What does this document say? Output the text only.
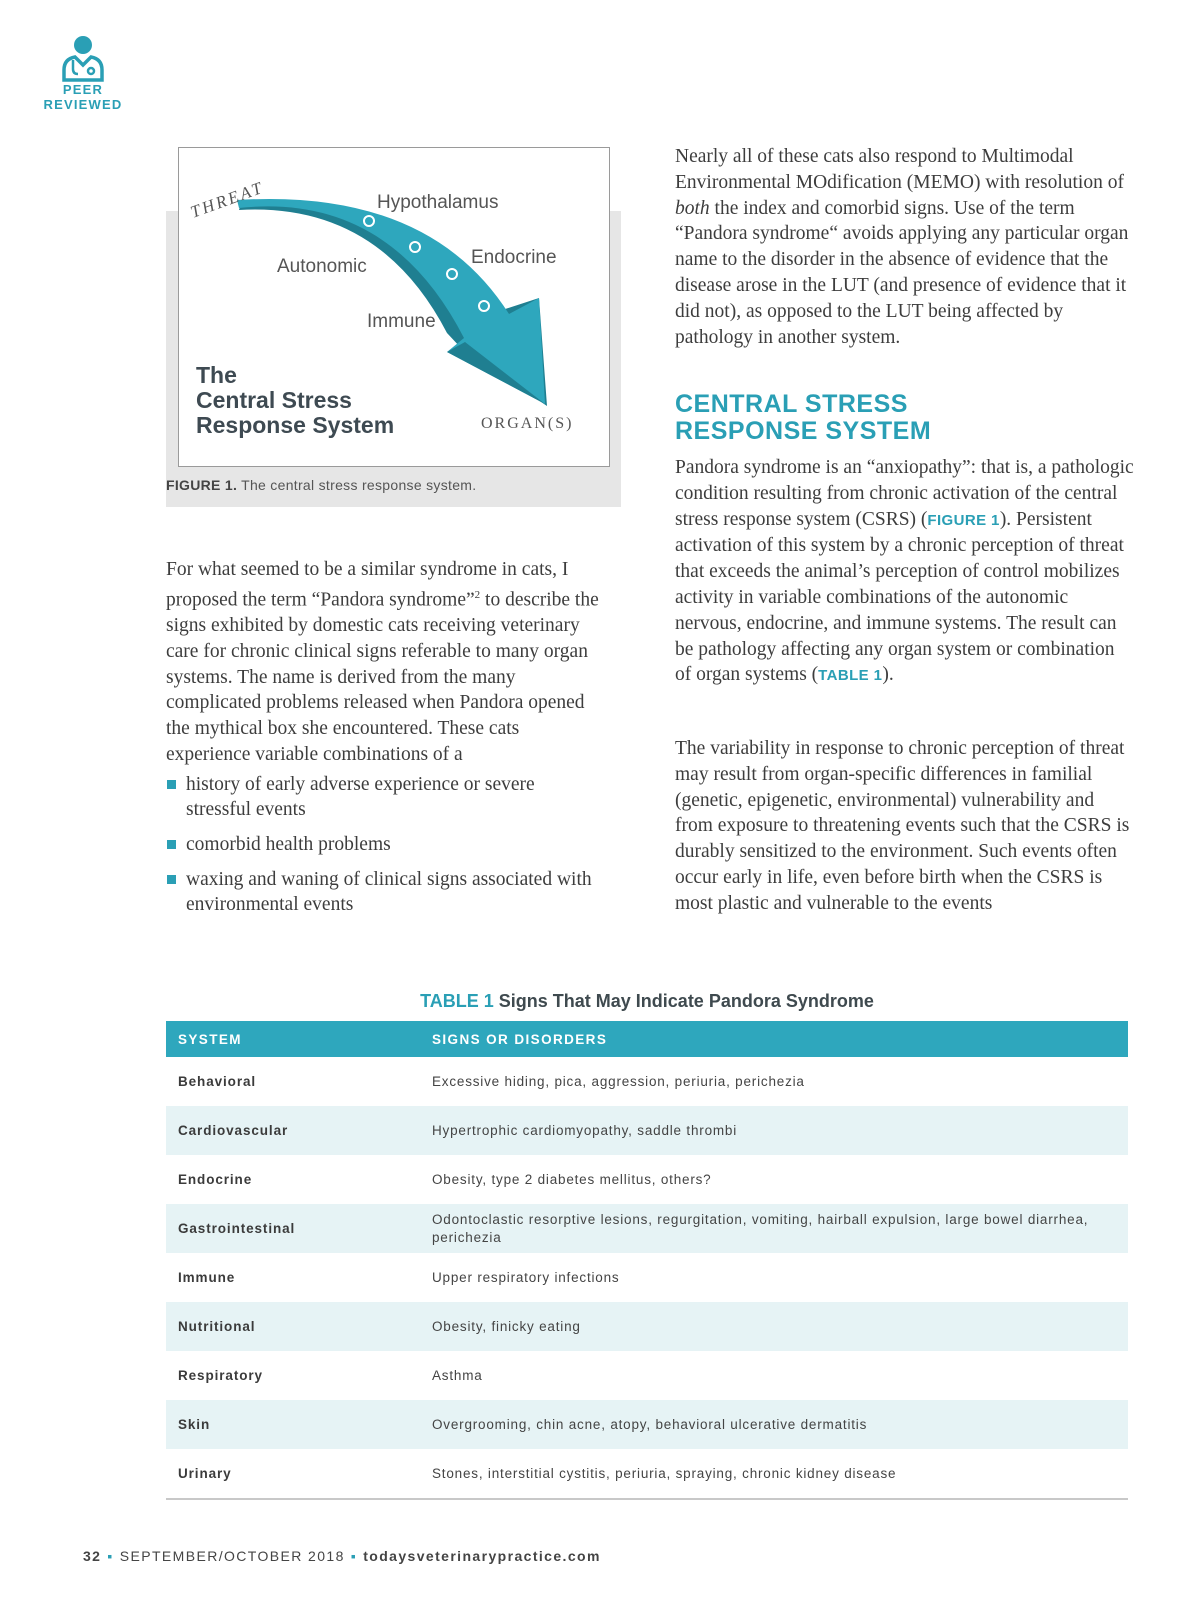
PEER
REVIEWED
THREAT	Hypothalamus
Autonomic	Endocrine
Immune
ORGAN(S)
The
Central Stress
Response System
FIGURE 1. The central stress response system.
For what seemed to be a similar syndrome in cats, I proposed the term “Pandora syndrome”$^2$ to describe the signs exhibited by domestic cats receiving veterinary care for chronic clinical signs referable to many organ systems. The name is derived from the many complicated problems released when Pandora opened the mythical box she encountered. These cats experience variable combinations of a
history of early adverse experience or severe stressful events
comorbid health problems
waxing and waning of clinical signs associated with environmental events
Nearly all of these cats also respond to Multimodal Environmental MOdification (MEMO) with resolution of both the index and comorbid signs. Use of the term “Pandora syndrome“ avoids applying any particular organ name to the disorder in the absence of evidence that the disease arose in the LUT (and presence of evidence that it did not), as opposed to the LUT being affected by pathology in another system.
CENTRAL STRESS
RESPONSE SYSTEM
Pandora syndrome is an “anxiopathy”: that is, a pathologic condition resulting from chronic activation of the central stress response system (CSRS) (FIGURE 1). Persistent activation of this system by a chronic perception of threat that exceeds the animal’s perception of control mobilizes activity in variable combinations of the autonomic nervous, endocrine, and immune systems. The result can be pathology affecting any organ system or combination of organ systems (TABLE 1).
The variability in response to chronic perception of threat may result from organ-specific differences in familial (genetic, epigenetic, environmental) vulnerability and from exposure to threatening events such that the CSRS is durably sensitized to the environment. Such events often occur early in life, even before birth when the CSRS is most plastic and vulnerable to the events
TABLE 1 Signs That May Indicate Pandora Syndrome
SYSTEM	SIGNS OR DISORDERS
Behavioral	Excessive hiding, pica, aggression, periuria, perichezia
Cardiovascular	Hypertrophic cardiomyopathy, saddle thrombi
Endocrine	Obesity, type 2 diabetes mellitus, others?
Gastrointestinal	Odontoclastic resorptive lesions, regurgitation, vomiting, hairball expulsion, large bowel diarrhea, perichezia
Immune	Upper respiratory infections
Nutritional	Obesity, finicky eating
Respiratory	Asthma
Skin	Overgrooming, chin acne, atopy, behavioral ulcerative dermatitis
Urinary	Stones, interstitial cystitis, periuria, spraying, chronic kidney disease
32 ▪ SEPTEMBER/OCTOBER 2018 ▪ todaysveterinarypractice.com
